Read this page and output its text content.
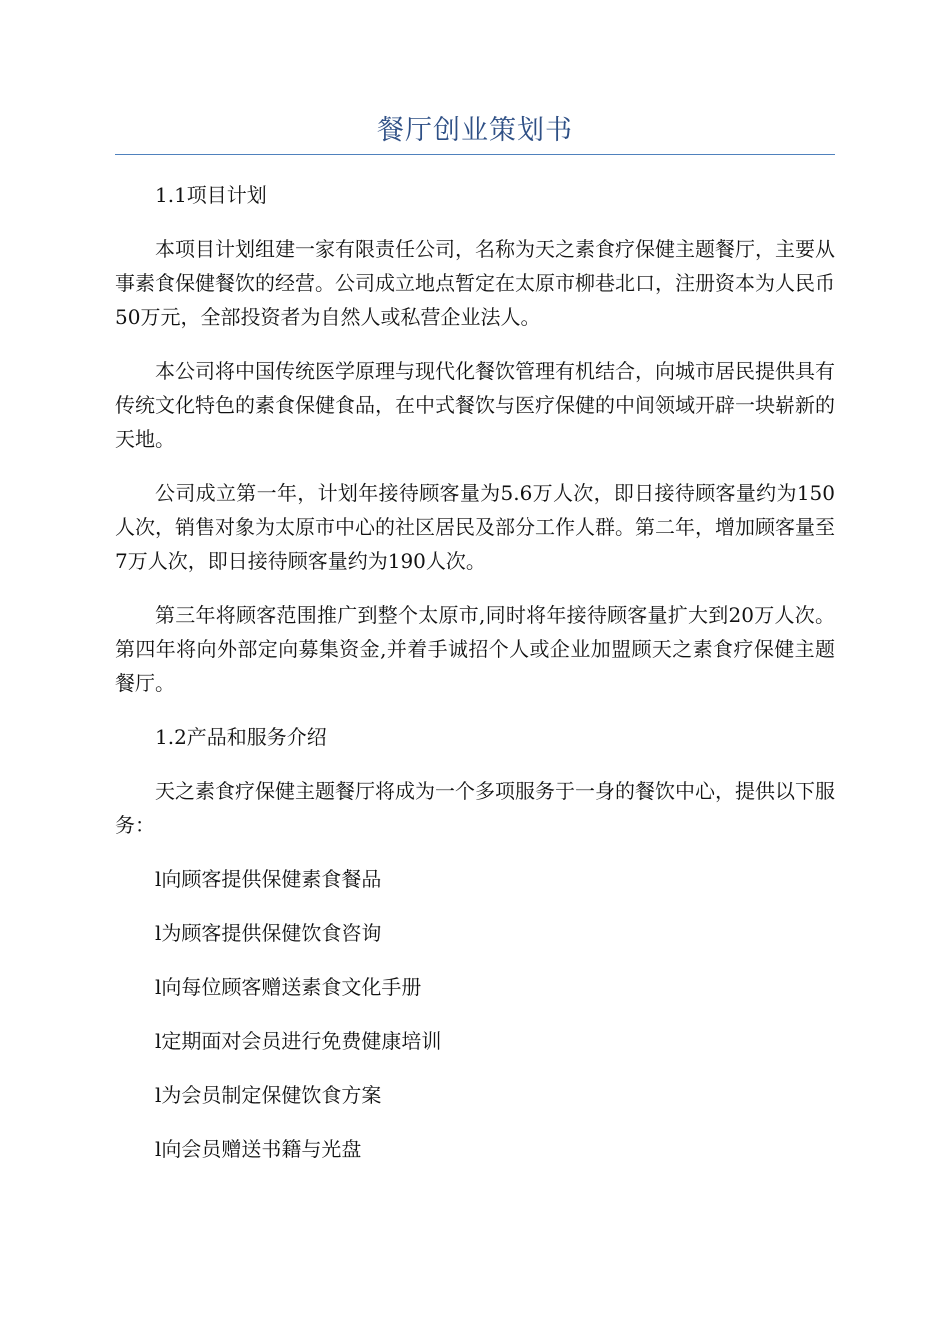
餐厅创业策划书

1.1项目计划

本项目计划组建一家有限责任公司，名称为天之素食疗保健主题餐厅，主要从事素食保健餐饮的经营。公司成立地点暂定在太原市柳巷北口，注册资本为人民币50万元，全部投资者为自然人或私营企业法人。

本公司将中国传统医学原理与现代化餐饮管理有机结合，向城市居民提供具有传统文化特色的素食保健食品，在中式餐饮与医疗保健的中间领域开辟一块崭新的天地。

公司成立第一年，计划年接待顾客量为5.6万人次，即日接待顾客量约为150人次，销售对象为太原市中心的社区居民及部分工作人群。第二年，增加顾客量至7万人次，即日接待顾客量约为190人次。

第三年将顾客范围推广到整个太原市,同时将年接待顾客量扩大到20万人次。第四年将向外部定向募集资金,并着手诚招个人或企业加盟顾天之素食疗保健主题餐厅。

1.2产品和服务介绍

天之素食疗保健主题餐厅将成为一个多项服务于一身的餐饮中心，提供以下服务：

l向顾客提供保健素食餐品
l为顾客提供保健饮食咨询
l向每位顾客赠送素食文化手册
l定期面对会员进行免费健康培训
l为会员制定保健饮食方案
l向会员赠送书籍与光盘
